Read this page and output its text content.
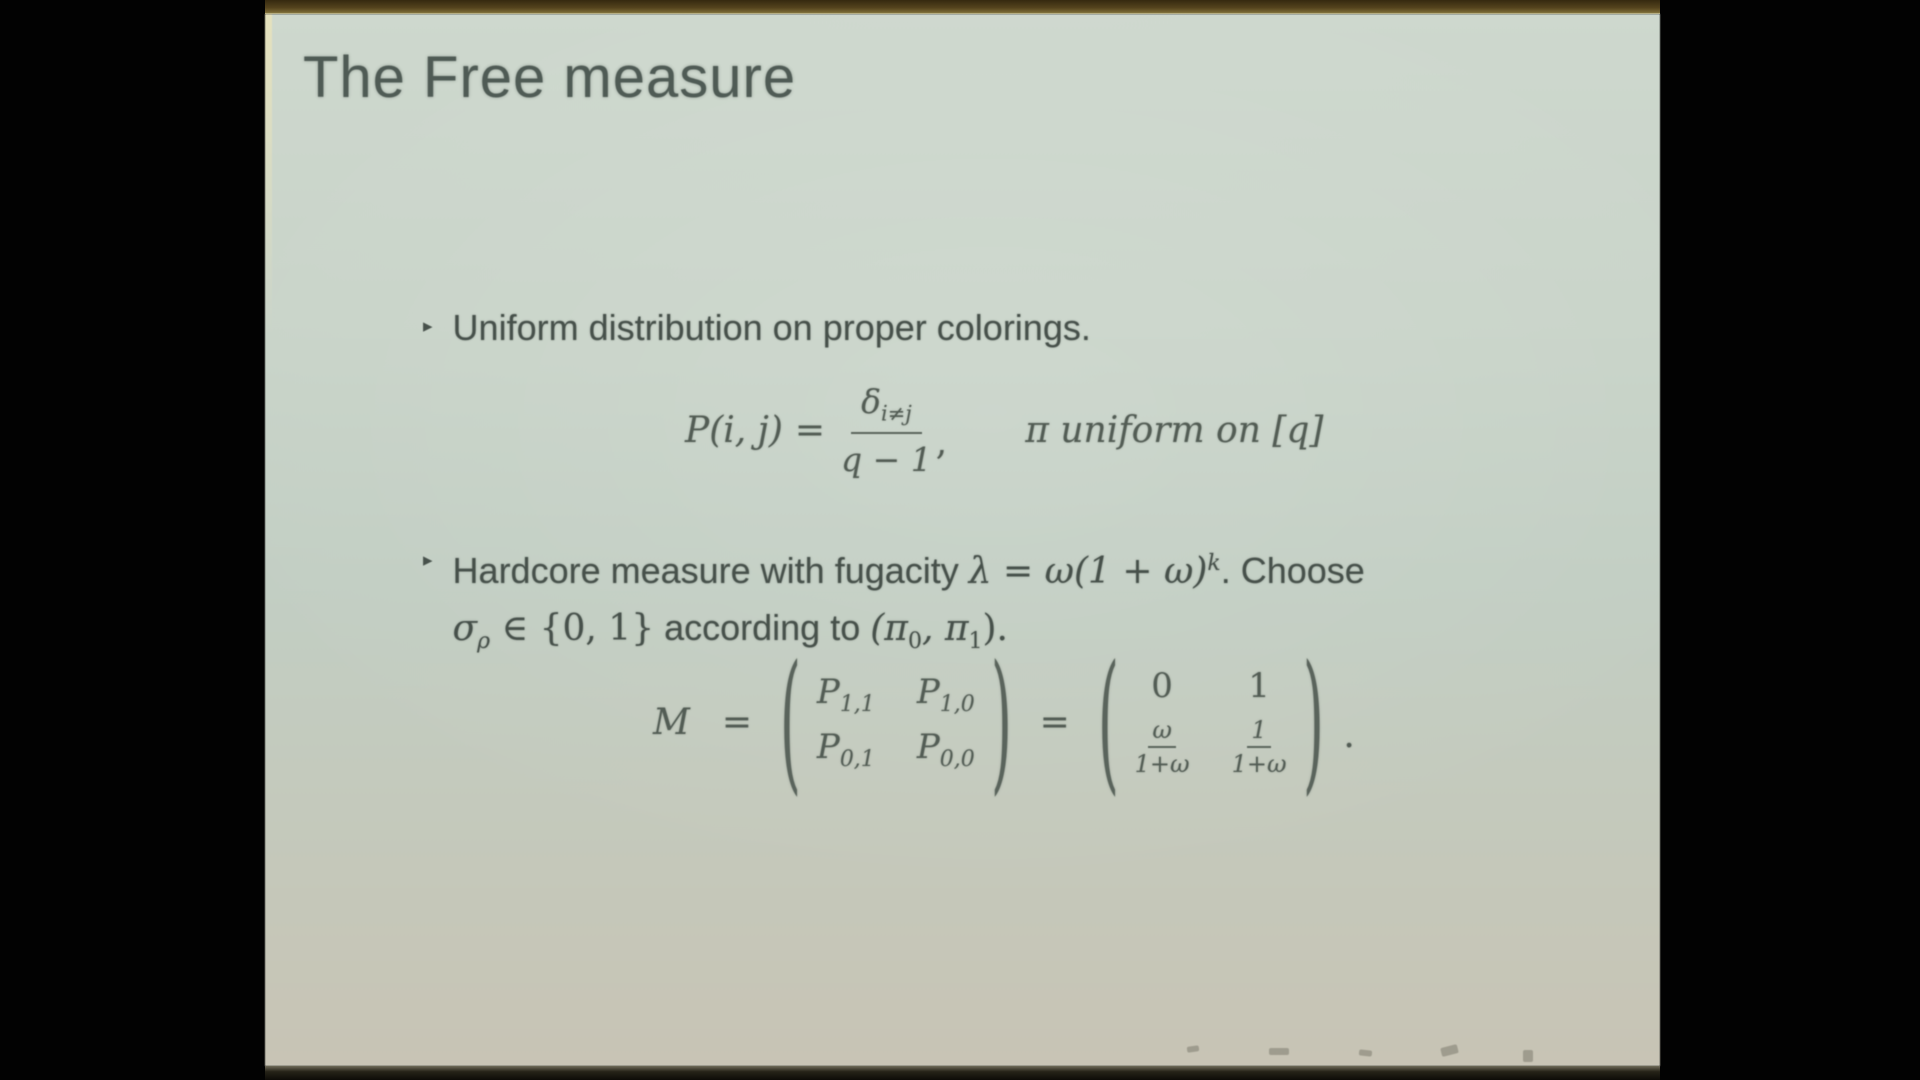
The Free measure
▸ Uniform distribution on proper colorings.
P(i, $j) = \frac{\delta_{i\ne j}}{q - 1}$ , π uniform on [q]
▸ Hardcore measure with fugacity $\lambda = \omega(1 + \omega)^k$. Choose
$\sigma_\rho$ ∈ {0, 1} according to ($\pi_0$, $\pi_1$).
M = ( $P_{1,1}$ $P_{1,0}$
$P_{0,1}$ $P_{0,0}$ ) = ( 0 1
$\frac{\omega}{1+\omega} \frac{1}{1+\omega}$ ) .
